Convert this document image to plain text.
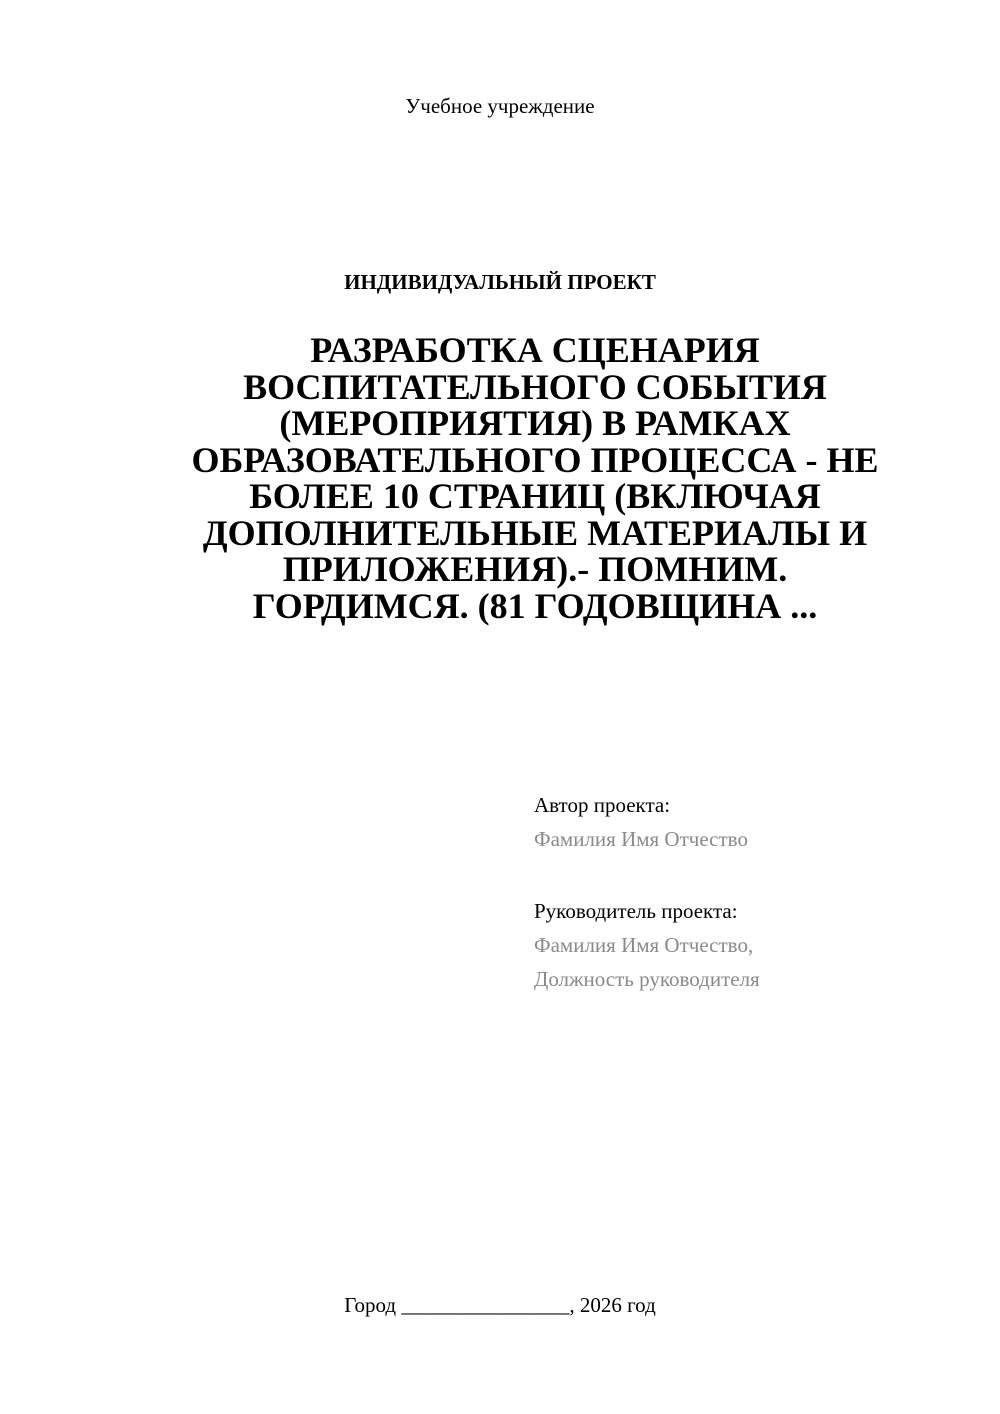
Учебное учреждение
ИНДИВИДУАЛЬНЫЙ ПРОЕКТ
РАЗРАБОТКА СЦЕНАРИЯ
ВОСПИТАТЕЛЬНОГО СОБЫТИЯ
(МЕРОПРИЯТИЯ) В РАМКАХ
ОБРАЗОВАТЕЛЬНОГО ПРОЦЕССА - НЕ
БОЛЕЕ 10 СТРАНИЦ (ВКЛЮЧАЯ
ДОПОЛНИТЕЛЬНЫЕ МАТЕРИАЛЫ И
ПРИЛОЖЕНИЯ).- ПОМНИМ.
ГОРДИМСЯ. (81 ГОДОВЩИНА ...
Автор проекта:
Фамилия Имя Отчество
Руководитель проекта:
Фамилия Имя Отчество,
Должность руководителя
Город ________________, 2026 год
